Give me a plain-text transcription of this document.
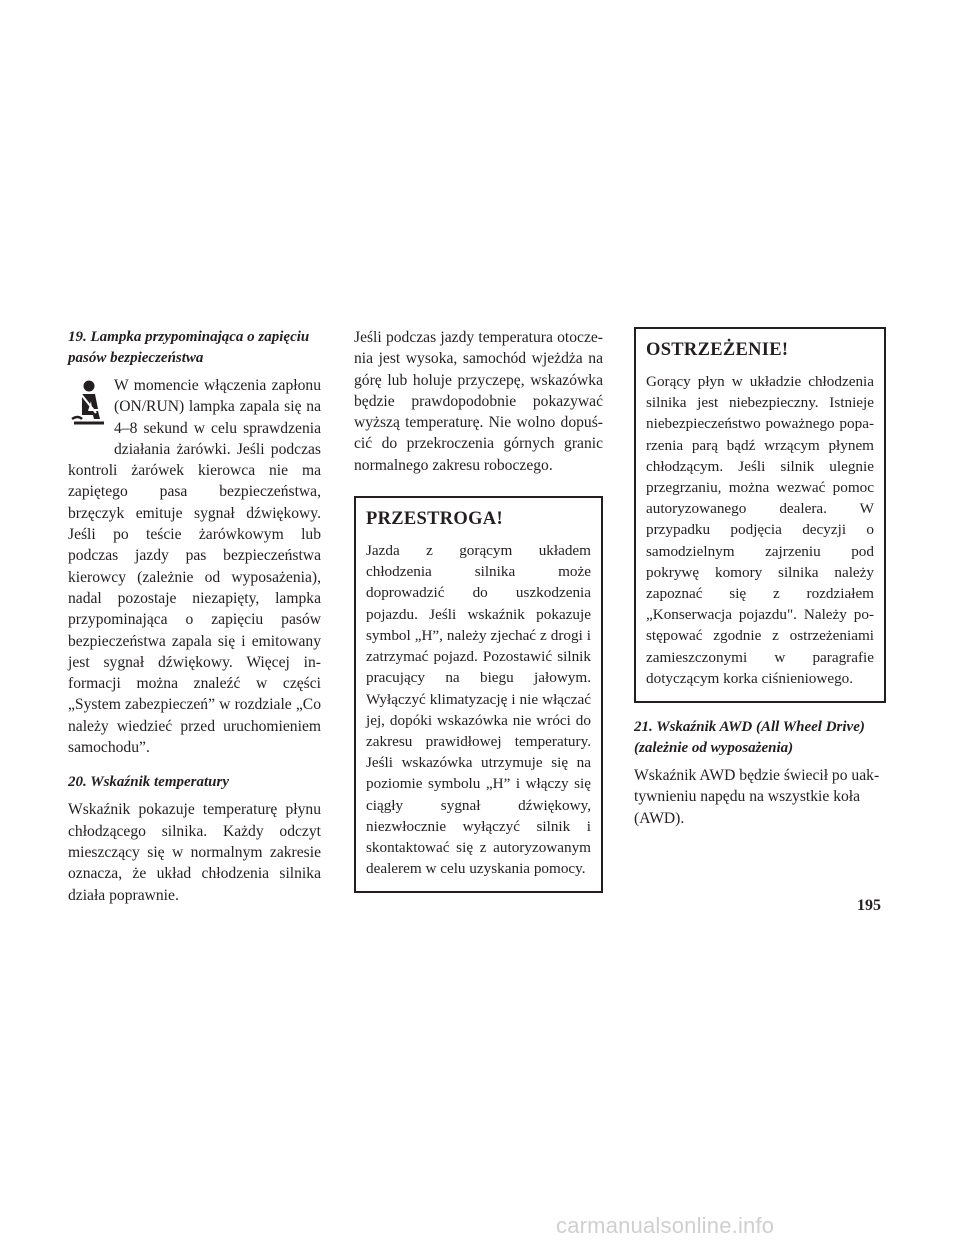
19. Lampka przypominająca o zapięciu pasów bezpieczeństwa

W momencie włączenia zapłonu (ON/RUN) lampka zapala się na 4–8 sekund w celu sprawdzenia działania żarówki. Jeśli podczas kontroli żarówek kierowca nie ma zapiętego pasa bezpieczeństwa, brzęczyk emituje sygnał dźwiękowy. Jeśli po teście żarówkowym lub podczas jazdy pas bezpieczeństwa kierowcy (zależnie od wyposażenia), nadal pozostaje niezapięty, lampka przypominająca o zapięciu pasów bezpieczeństwa zapala się i emitowany jest sygnał dźwiękowy. Więcej informacji można znaleźć w części „System zabezpieczeń” w rozdziale „Co należy wiedzieć przed uruchomieniem samochodu”.

20. Wskaźnik temperatury

Wskaźnik pokazuje temperaturę płynu chłodzącego silnika. Każdy odczyt mieszczący się w normalnym zakresie oznacza, że układ chłodzenia silnika działa poprawnie.

Jeśli podczas jazdy temperatura otoczenia jest wysoka, samochód wjeżdża na górę lub holuje przyczepę, wskazówka będzie prawdopodobnie pokazywać wyższą temperaturę. Nie wolno dopuścić do przekroczenia górnych granic normalnego zakresu roboczego.

PRZESTROGA!

Jazda z gorącym układem chłodzenia silnika może doprowadzić do uszkodzenia pojazdu. Jeśli wskaźnik pokazuje symbol „H”, należy zjechać z drogi i zatrzymać pojazd. Pozostawić silnik pracujący na biegu jałowym. Wyłączyć klimatyzację i nie włączać jej, dopóki wskazówka nie wróci do zakresu prawidłowej temperatury. Jeśli wskazówka utrzymuje się na poziomie symbolu „H” i włączy się ciągły sygnał dźwiękowy, niezwłocznie wyłączyć silnik i skontaktować się z autoryzowanym dealerem w celu uzyskania pomocy.

OSTRZEŻENIE!

Gorący płyn w układzie chłodzenia silnika jest niebezpieczny. Istnieje niebezpieczeństwo poważnego poparzenia parą bądź wrzącym płynem chłodzącym. Jeśli silnik ulegnie przegrzaniu, można wezwać pomoc autoryzowanego dealera. W przypadku podjęcia decyzji o samodzielnym zajrzeniu pod pokrywę komory silnika należy zapoznać się z rozdziałem „Konserwacja pojazdu". Należy postępować zgodnie z ostrzeżeniami zamieszczonymi w paragrafie dotyczącym korka ciśnieniowego.

21. Wskaźnik AWD (All Wheel Drive) (zależnie od wyposażenia)

Wskaźnik AWD będzie świecił po uaktywnieniu napędu na wszystkie koła (AWD).

195
carmanualsonline.info
